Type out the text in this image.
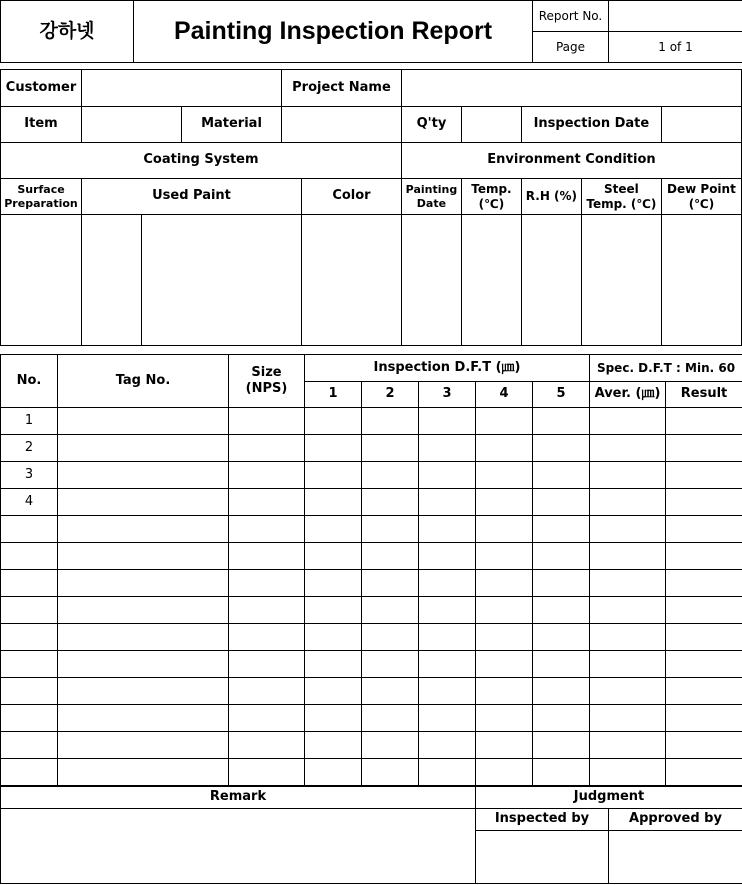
강하넷	Painting Inspection Report	Report No.	
		Page	1 of 1
Customer				Project Name						
Item			Material			Q'ty		Inspection Date		
Coating System						Environment Condition				
Surface Preparation	Used Paint				Color	Painting Date	Temp. (℃)	R.H (%)	Steel Temp. (℃)	Dew Point (℃)

No.	Tag No.	Size (NPS)	Inspection D.F.T (㎛)					Spec. D.F.T : Min. 60	
			1	2	3	4	5	Aver. (㎛)	Result
1									
2									
3									
4									

Remark	Judgment	
	Inspected by	Approved by
